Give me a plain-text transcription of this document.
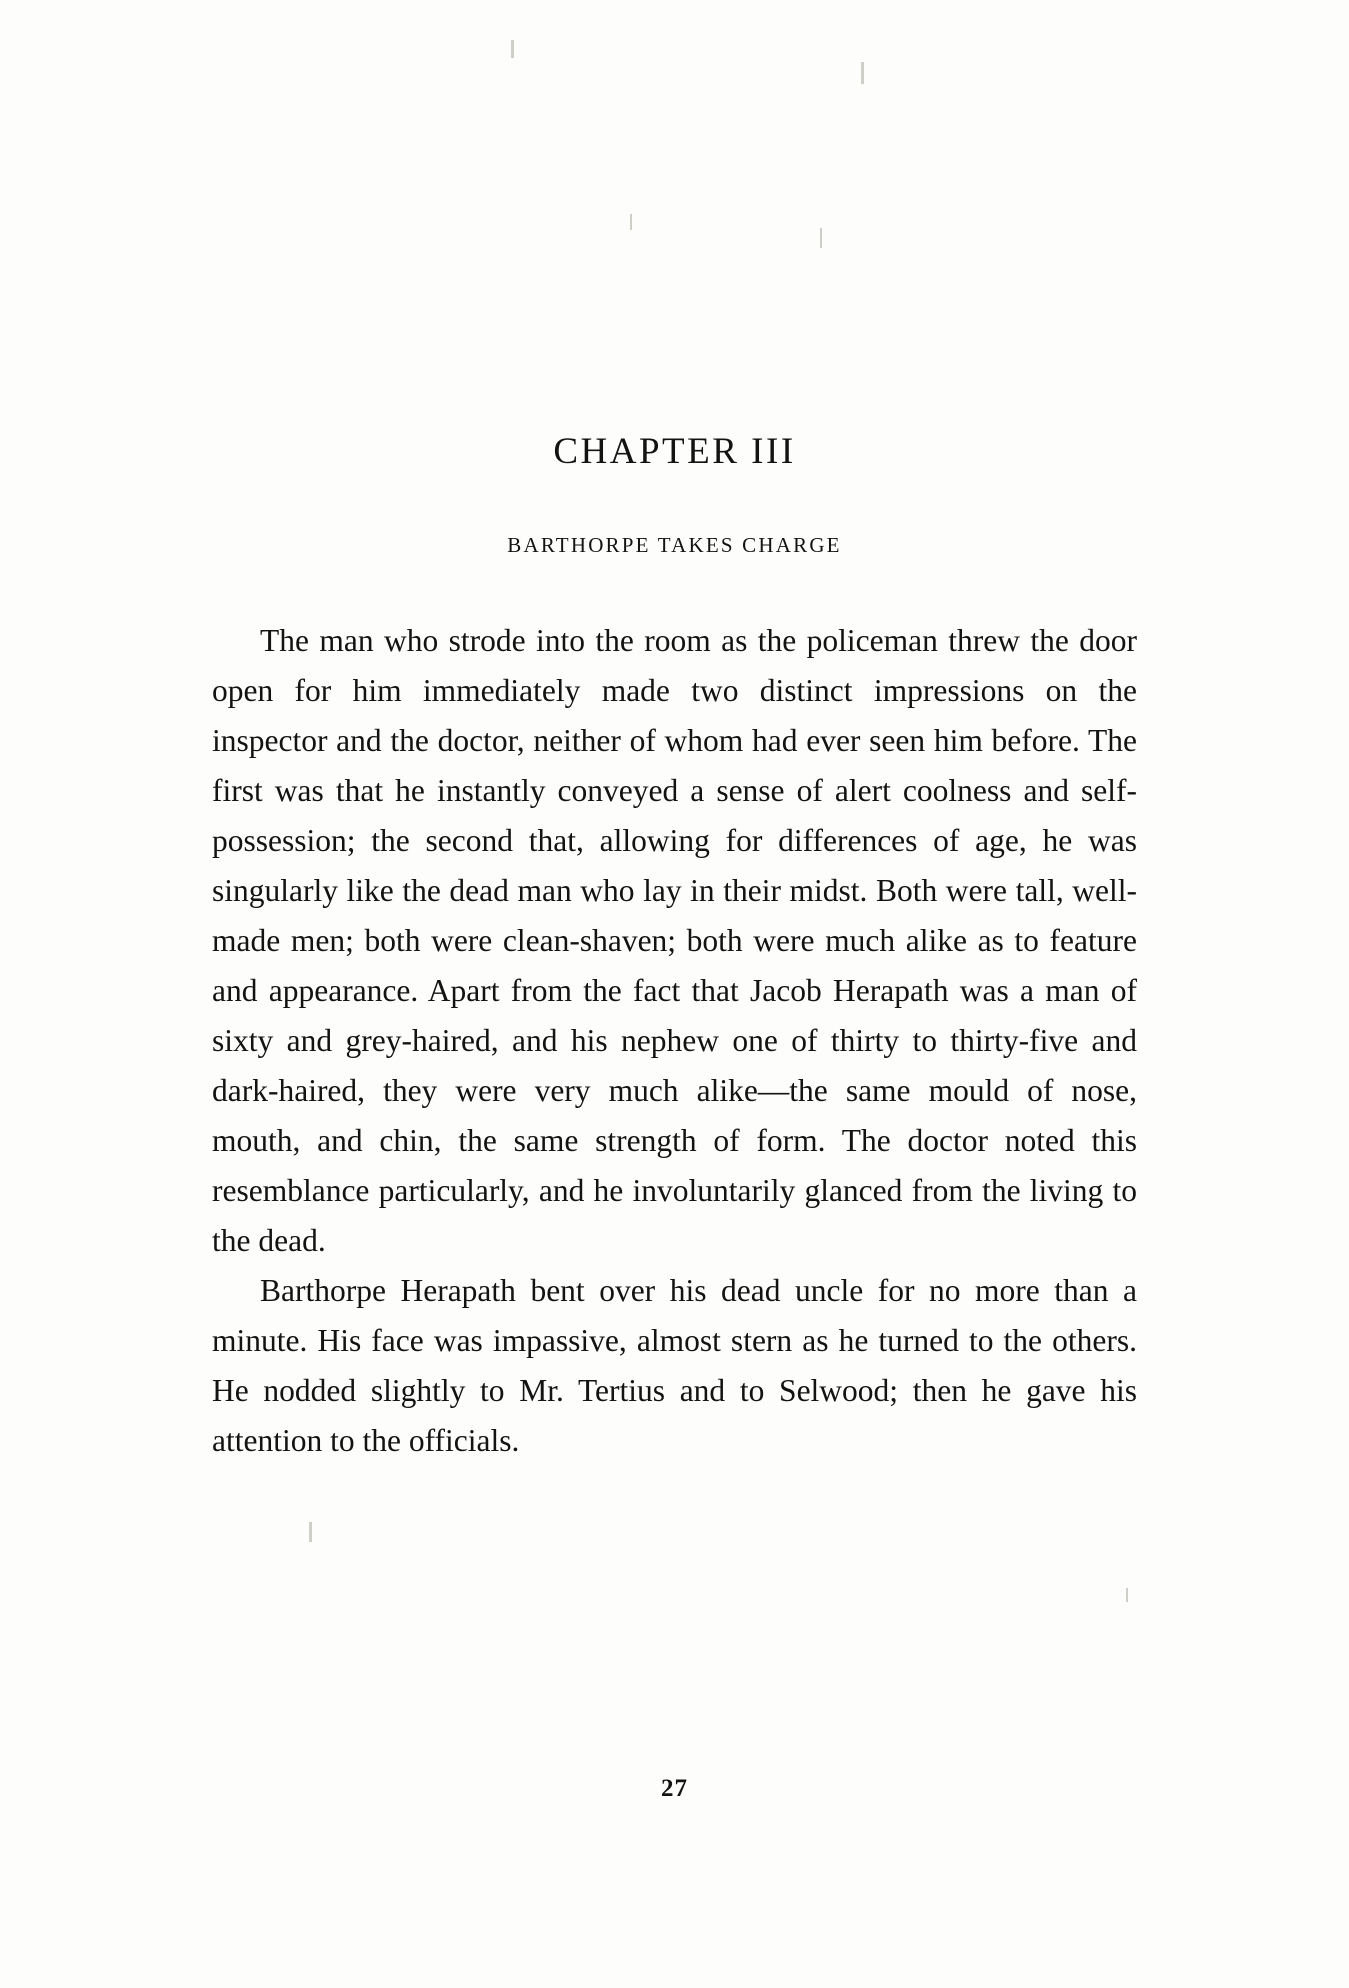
CHAPTER III
BARTHORPE TAKES CHARGE

The man who strode into the room as the policeman threw the door open for him immediately made two distinct impressions on the inspector and the doctor, neither of whom had ever seen him before. The first was that he instantly conveyed a sense of alert coolness and self-possession; the second that, allowing for differences of age, he was singularly like the dead man who lay in their midst. Both were tall, well-made men; both were clean-shaven; both were much alike as to feature and appearance. Apart from the fact that Jacob Herapath was a man of sixty and grey-haired, and his nephew one of thirty to thirty-five and dark-haired, they were very much alike—the same mould of nose, mouth, and chin, the same strength of form. The doctor noted this resemblance particularly, and he involuntarily glanced from the living to the dead.

Barthorpe Herapath bent over his dead uncle for no more than a minute. His face was impassive, almost stern as he turned to the others. He nodded slightly to Mr. Tertius and to Selwood; then he gave his attention to the officials.

27
